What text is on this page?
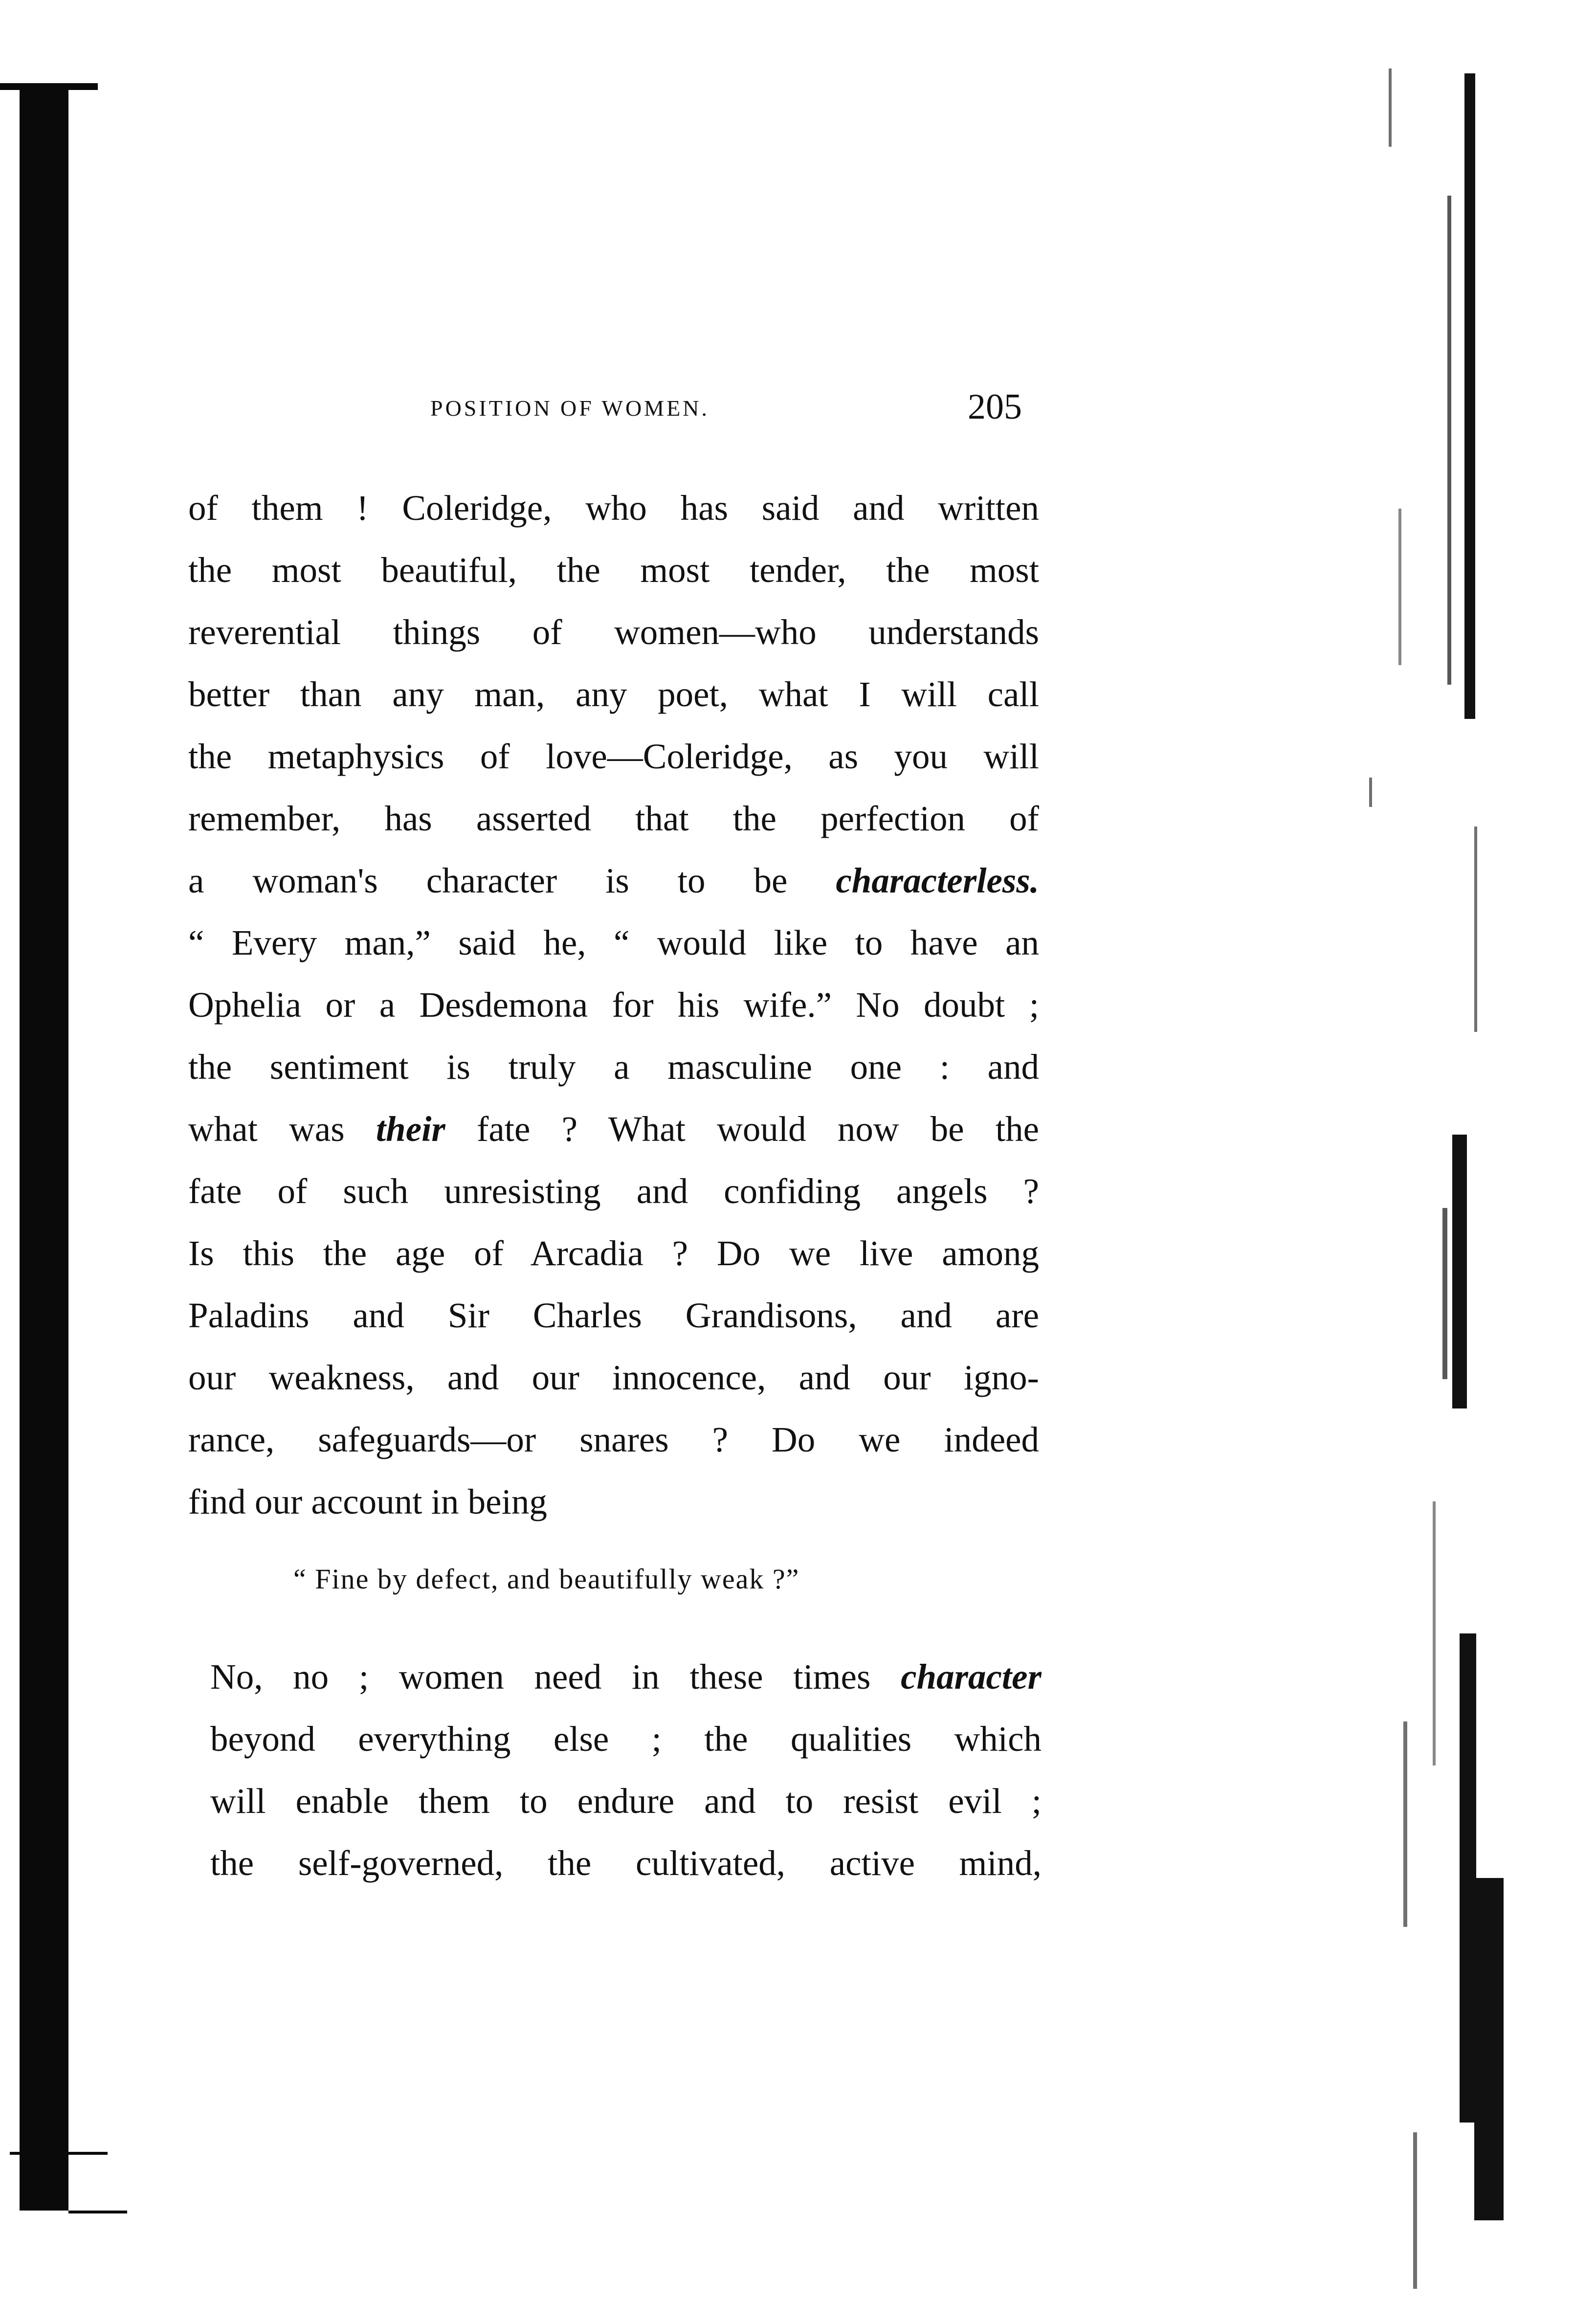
POSITION OF WOMEN.	205
of them ! Coleridge, who has said and written
the most beautiful, the most tender, the most
reverential things of women—who understands
better than any man, any poet, what I will call
the metaphysics of love—Coleridge, as you will
remember, has asserted that the perfection of
a woman's character is to be characterless.
“ Every man,” said he, “ would like to have an
Ophelia or a Desdemona for his wife.” No doubt ;
the sentiment is truly a masculine one : and
what was their fate ? What would now be the
fate of such unresisting and confiding angels ?
Is this the age of Arcadia ? Do we live among
Paladins and Sir Charles Grandisons, and are
our weakness, and our innocence, and our igno-
rance, safeguards—or snares ? Do we indeed
find our account in being
“ Fine by defect, and beautifully weak ?”
No, no ; women need in these times character
beyond everything else ; the qualities which
will enable them to endure and to resist evil ;
the self-governed, the cultivated, active mind,
